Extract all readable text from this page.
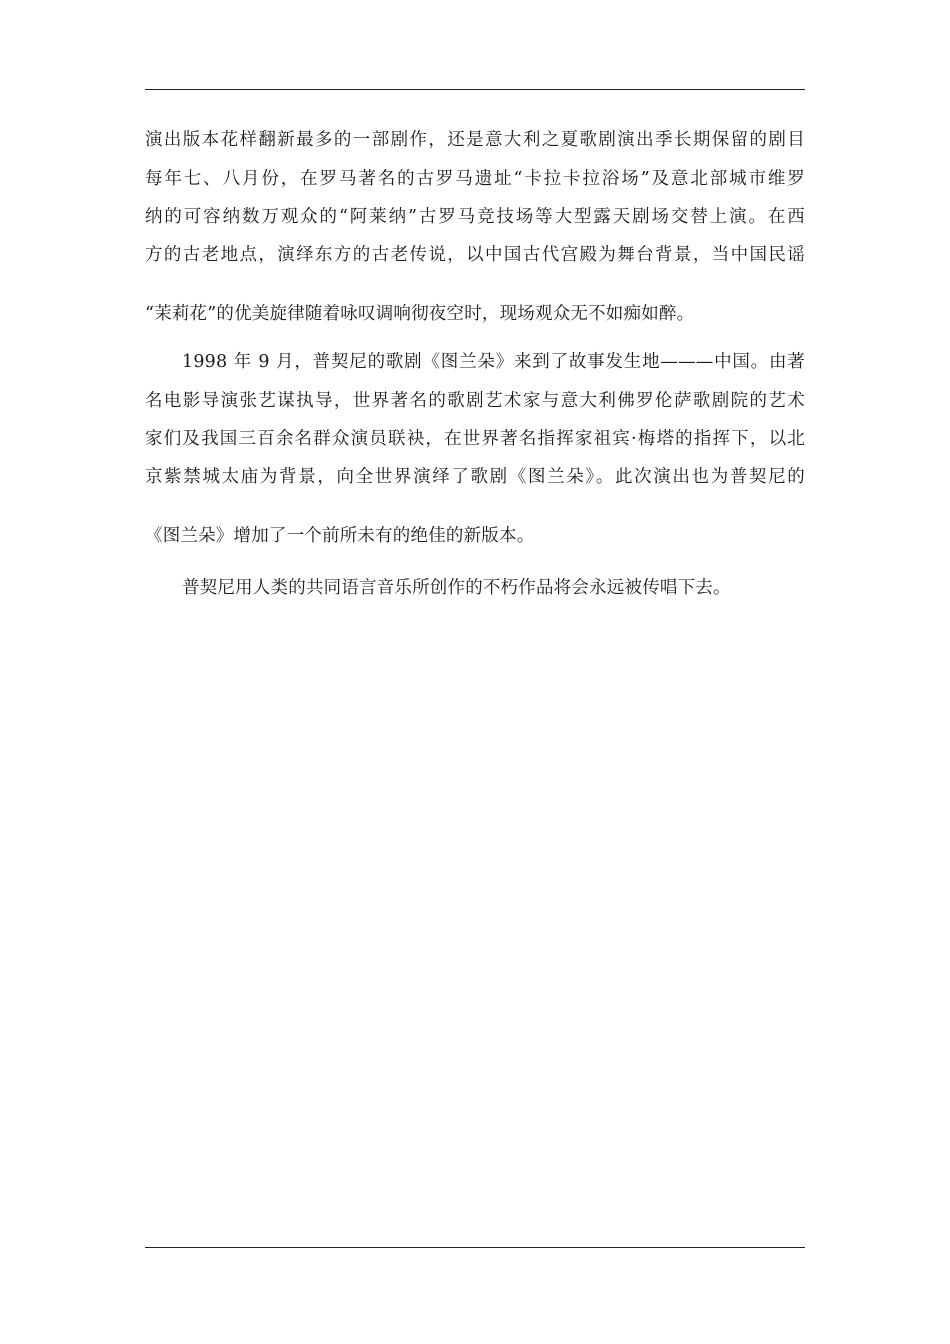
演出版本花样翻新最多的一部剧作，还是意大利之夏歌剧演出季长期保留的剧目
每年七、八月份，在罗马著名的古罗马遗址“卡拉卡拉浴场”及意北部城市维罗
纳的可容纳数万观众的“阿莱纳”古罗马竞技场等大型露天剧场交替上演。在西
方的古老地点，演绎东方的古老传说，以中国古代宫殿为舞台背景，当中国民谣
“茉莉花”的优美旋律随着咏叹调响彻夜空时，现场观众无不如痴如醉。
1998 年 9 月，普契尼的歌剧《图兰朵》来到了故事发生地———中国。由著
名电影导演张艺谋执导，世界著名的歌剧艺术家与意大利佛罗伦萨歌剧院的艺术
家们及我国三百余名群众演员联袂，在世界著名指挥家祖宾·梅塔的指挥下，以北
京紫禁城太庙为背景，向全世界演绎了歌剧《图兰朵》。此次演出也为普契尼的
《图兰朵》增加了一个前所未有的绝佳的新版本。
普契尼用人类的共同语言音乐所创作的不朽作品将会永远被传唱下去。
